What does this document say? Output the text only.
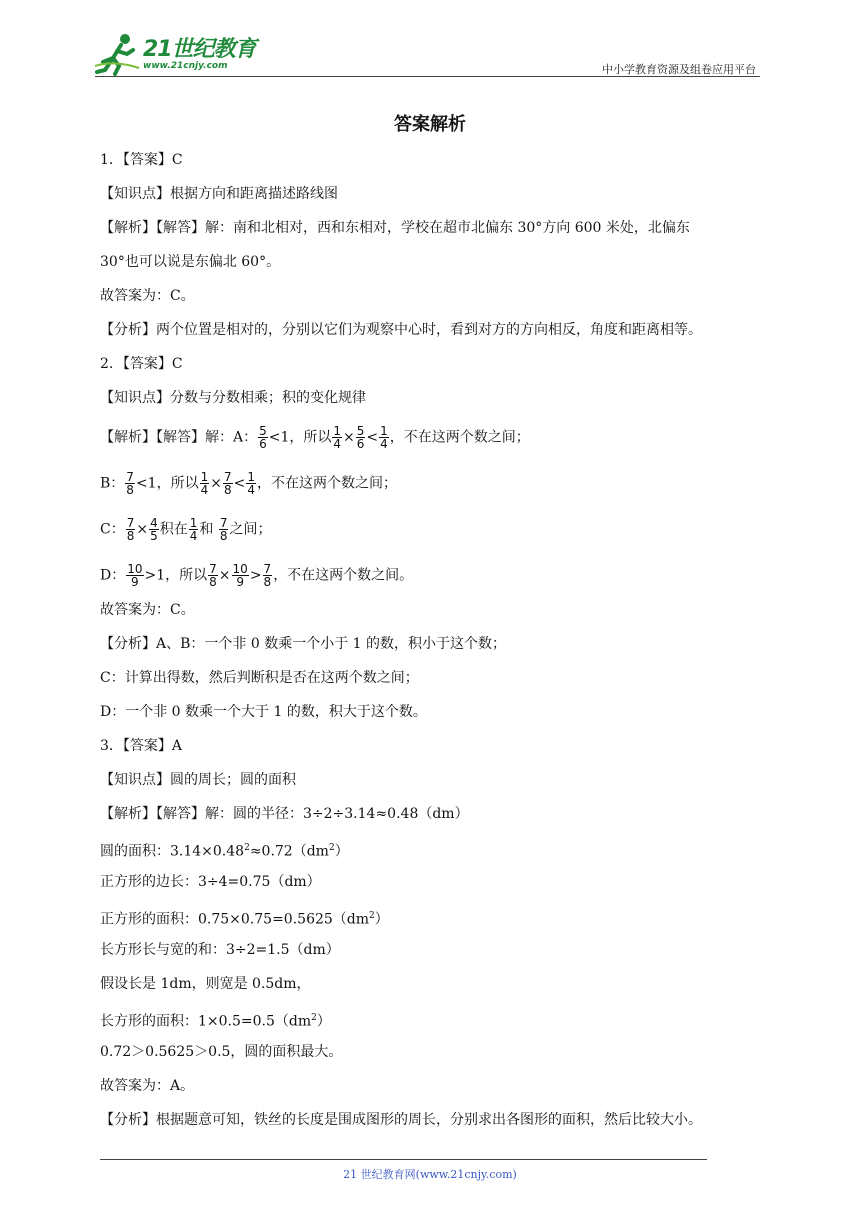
21世纪教育
www.21cnjy.com	中小学教育资源及组卷应用平台
答案解析
1．【答案】C
【知识点】根据方向和距离描述路线图
【解析】【解答】解：南和北相对，西和东相对，学校在超市北偏东 30°方向 600 米处，北偏东
30°也可以说是东偏北 60°。
故答案为：C。
【分析】两个位置是相对的，分别以它们为观察中心时，看到对方的方向相反，角度和距离相等。
2．【答案】C
【知识点】分数与分数相乘；积的变化规律
【解析】【解答】解：A： $\frac{5}{6} <1$，所以 $\frac{1}{4} \times \frac{5}{6} < \frac{1}{4}$ ，不在这两个数之间；
B： $\frac{7}{8} <1$，所以 $\frac{1}{4} \times \frac{7}{8} < \frac{1}{4}$ ，不在这两个数之间；
C： $\frac{7}{8} \times \frac{4}{5}$ 积在 $\frac{1}{4}$ 和 $\frac{7}{8}$ 之间；
D： $\frac{10}{9} >1$，所以 $\frac{7}{8} \times \frac{10}{9} > \frac{7}{8}$ ，不在这两个数之间。
故答案为：C。
【分析】A、B：一个非 0 数乘一个小于 1 的数，积小于这个数；
C：计算出得数，然后判断积是否在这两个数之间；
D：一个非 0 数乘一个大于 1 的数，积大于这个数。
3．【答案】A
【知识点】圆的周长；圆的面积
【解析】【解答】解：圆的半径：3÷2÷3.14≈0.48（dm）
圆的面积：$3.14\times 0.48^2\approx 0.72(dm^2)$
正方形的边长：3÷4=0.75（dm）
正方形的面积：$0.75\times 0.75=0.5625(dm^2)$
长方形长与宽的和：3÷2=1.5（dm）
假设长是 1dm，则宽是 0.5dm，
长方形的面积：$1\times 0.5=0.5(dm^2)$
0.72＞0.5625＞0.5，圆的面积最大。
故答案为：A。
【分析】根据题意可知，铁丝的长度是围成图形的周长，分别求出各图形的面积，然后比较大小。
21 世纪教育网(www.21cnjy.com)
